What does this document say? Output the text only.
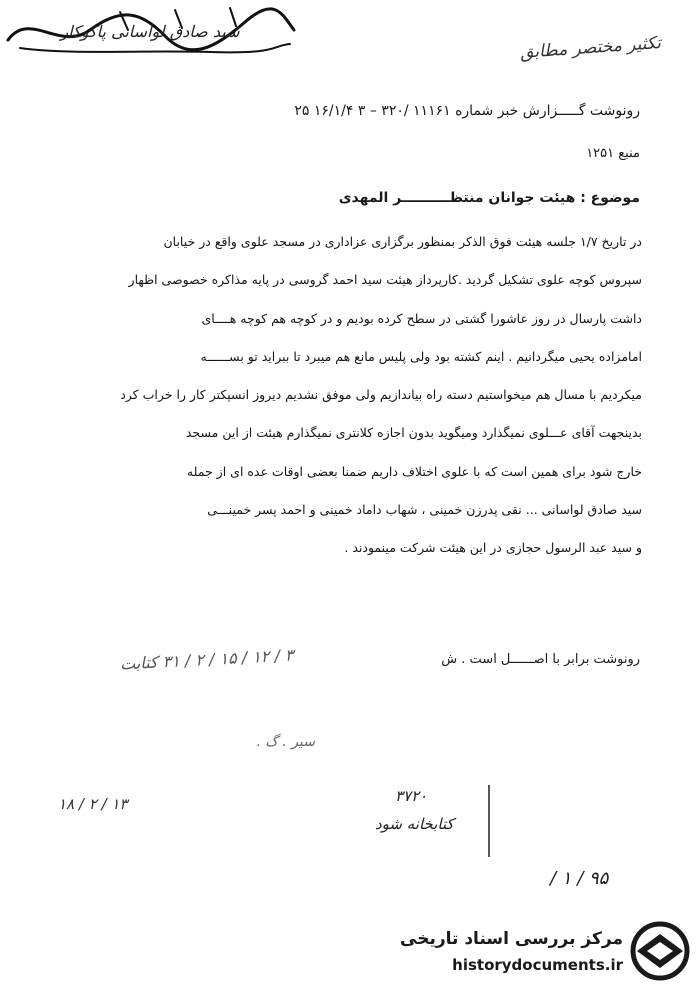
تکثیر مختصر مطابق
رونوشت گـــــزارش خبر شماره ۱۱۱۶۱ /۳۲۰ – ۳ ۱۶/۱/۴ ۲۵
منبع ۱۲۵۱
موضوع : هیئت جوانان منتظــــــــــر المهدی
در تاریخ ۱/۷ جلسه هیئت فوق الذکر بمنظور برگزاری عزاداری در مسجد علوی واقع در خیابان
سپروس کوچه علوی تشکیل گردید .کارپرداز هیئت سید احمد گروسی در پایه مذاکره خصوصی اظهار
داشت پارسال در روز عاشورا گشتی در سطح کرده بودیم و در کوچه هم کوچه هــــای
امامزاده یحیی میگردانیم . اینم کشته بود ولی پلیس مانع هم میبرد تا ببراید تو بســــــه
میکردیم با مسال هم میخواستیم دسته راه بیاندازیم ولی موفق نشدیم دیروز انسپکتر کار را خراب کرد
بدینجهت آقای عـــلوی نمیگذارد ومیگوید بدون اجازه کلانتری نمیگذارم هیئت از این مسجد
خارج شود برای همین است که با علوی اختلاف داریم ضمنا بعضی اوقات عده ای از جمله
سید صادق لواسانی ... نقی پدرزن خمینی ، شهاب داماد خمینی و احمد پسر خمینـــی
و سید عبد الرسول حجازی در این هیئت شرکت مینمودند .
رونوشت برابر با اصــــــل است . ش
۳ / ۱۲ / ۱۵ / ۲ / ۳۱ کتابت
سیر . گ .
سید صادق لواسانی پاکوکار
۱۳ / ۲ / ۱۸	۳۷۲۰
کتابخانه شود
۹۵ / ۱ /
مرکز بررسی اسناد تاریخی
historydocuments.ir
